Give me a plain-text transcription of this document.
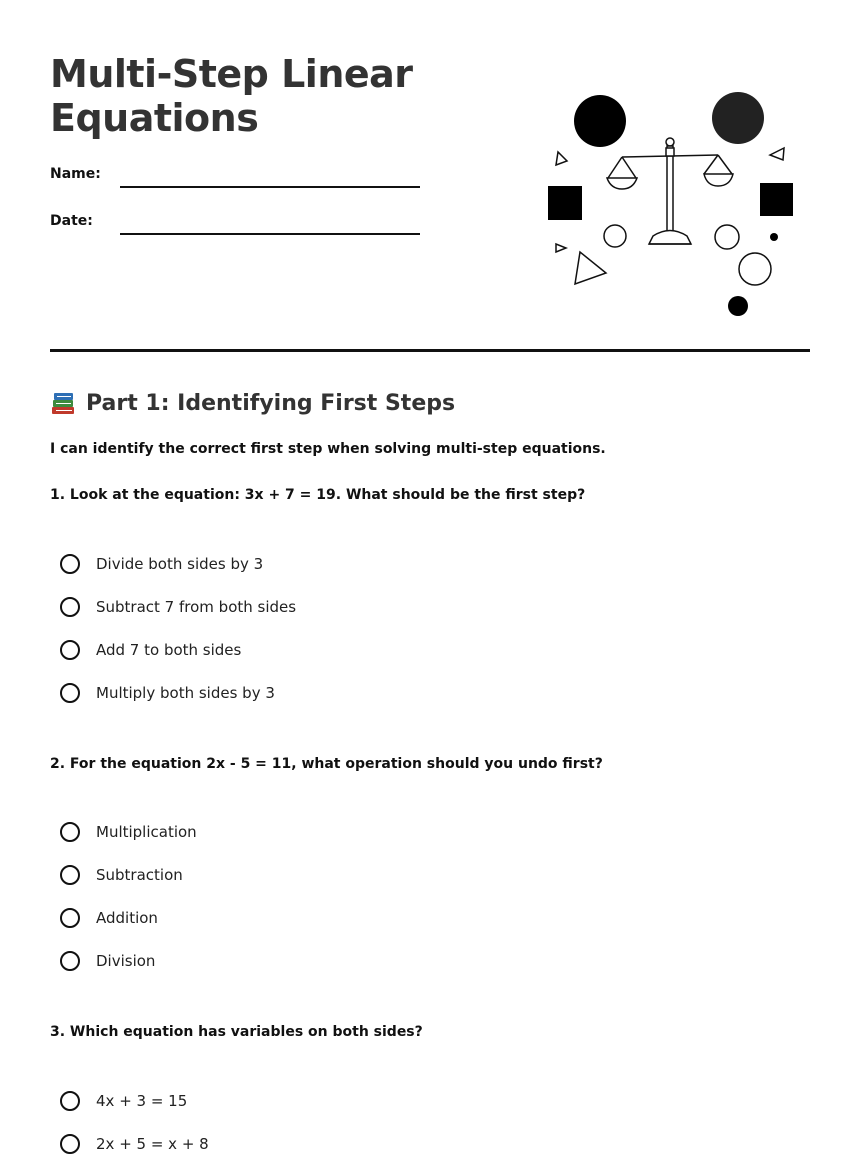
Multi-Step Linear Equations
Name:
Date:
Part 1: Identifying First Steps
I can identify the correct first step when solving multi-step equations.
1. Look at the equation: 3x + 7 = 19. What should be the first step?
Divide both sides by 3
Subtract 7 from both sides
Add 7 to both sides
Multiply both sides by 3
2. For the equation 2x - 5 = 11, what operation should you undo first?
Multiplication
Subtraction
Addition
Division
3. Which equation has variables on both sides?
4x + 3 = 15
2x + 5 = x + 8
